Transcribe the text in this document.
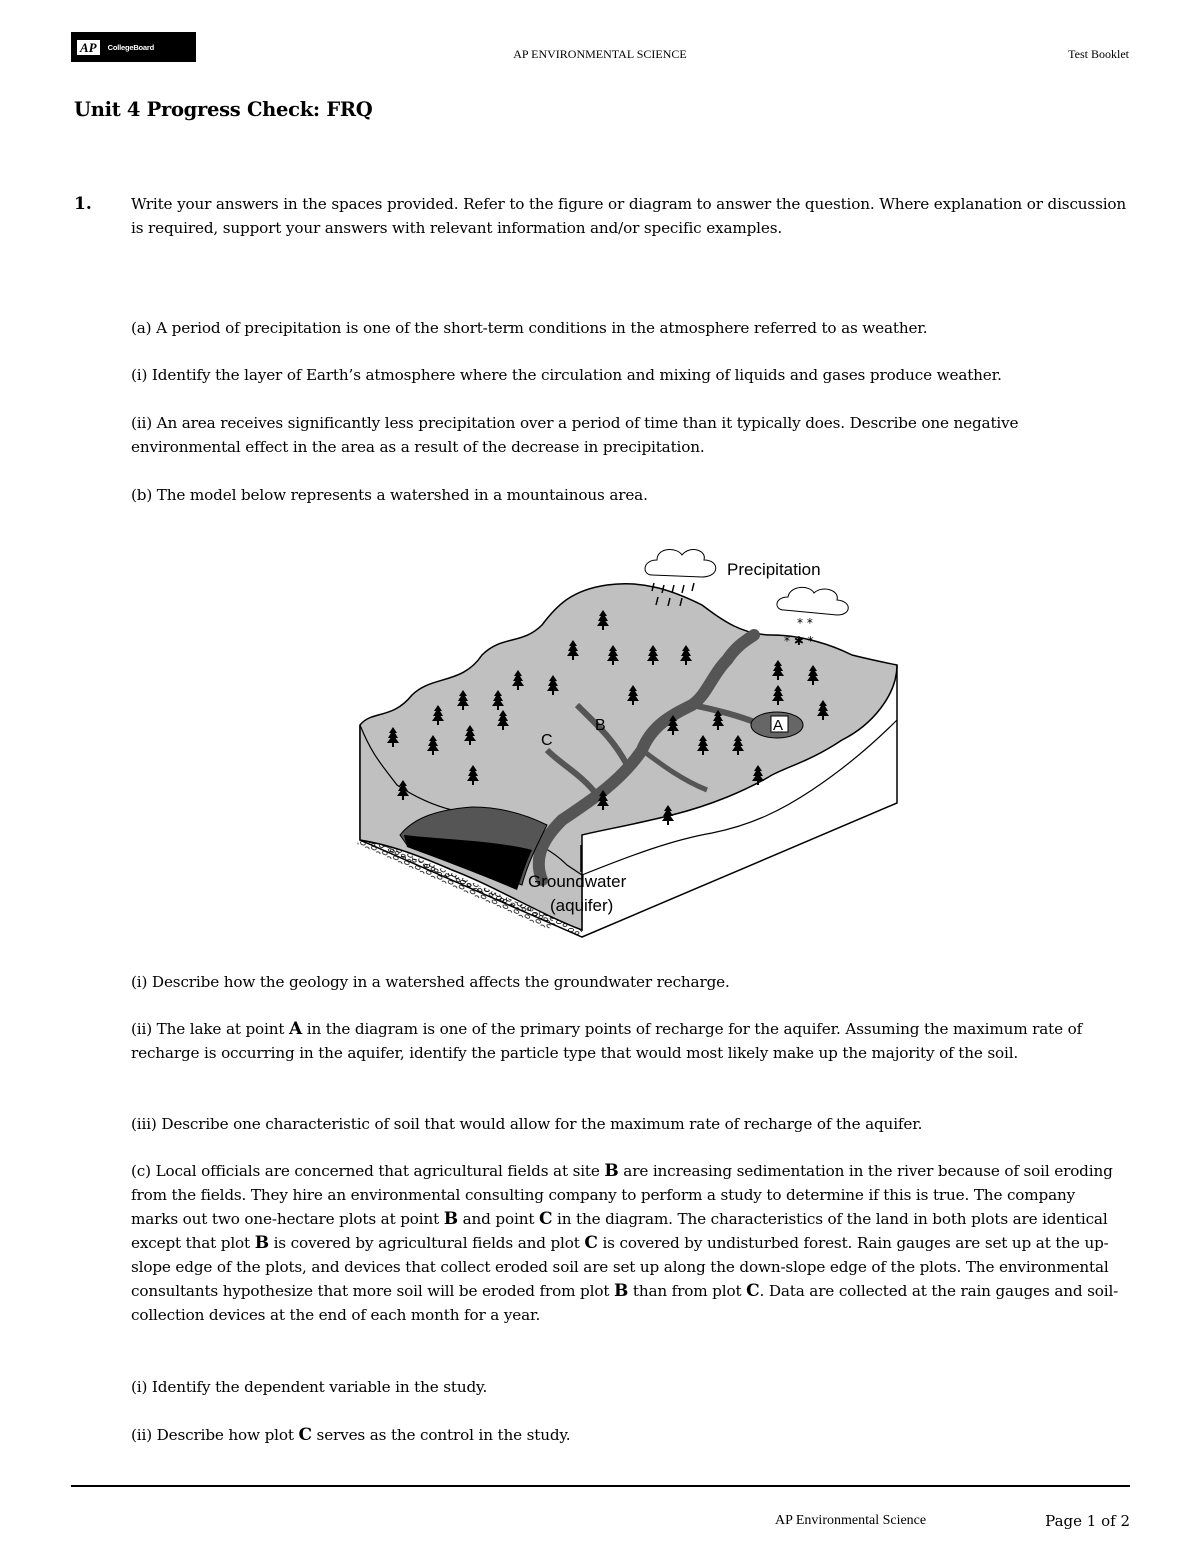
AP	CollegeBoard	AP ENVIRONMENTAL SCIENCE	Test Booklet
Unit 4 Progress Check: FRQ
1.	Write your answers in the spaces provided. Refer to the figure or diagram to answer the question. Where explanation or discussion is required, support your answers with relevant information and/or specific examples.
(a) A period of precipitation is one of the short-term conditions in the atmosphere referred to as weather.
(i) Identify the layer of Earth’s atmosphere where the circulation and mixing of liquids and gases produce weather.
(ii) An area receives significantly less precipitation over a period of time than it typically does. Describe one negative environmental effect in the area as a result of the decrease in precipitation.
(b) The model below represents a watershed in a mountainous area.
* *
* ✱ *
Precipitation
A
B
C
Groundwater
(aquifer)
(i) Describe how the geology in a watershed affects the groundwater recharge.
(ii) The lake at point A in the diagram is one of the primary points of recharge for the aquifer. Assuming the maximum rate of recharge is occurring in the aquifer, identify the particle type that would most likely make up the majority of the soil.
(iii) Describe one characteristic of soil that would allow for the maximum rate of recharge of the aquifer.
(c) Local officials are concerned that agricultural fields at site B are increasing sedimentation in the river because of soil eroding from the fields. They hire an environmental consulting company to perform a study to determine if this is true. The company marks out two one-hectare plots at point B and point C in the diagram. The characteristics of the land in both plots are identical except that plot B is covered by agricultural fields and plot C is covered by undisturbed forest. Rain gauges are set up at the up-slope edge of the plots, and devices that collect eroded soil are set up along the down-slope edge of the plots. The environmental consultants hypothesize that more soil will be eroded from plot B than from plot C. Data are collected at the rain gauges and soil-collection devices at the end of each month for a year.
(i) Identify the dependent variable in the study.
(ii) Describe how plot C serves as the control in the study.
AP Environmental Science	Page 1 of 2
